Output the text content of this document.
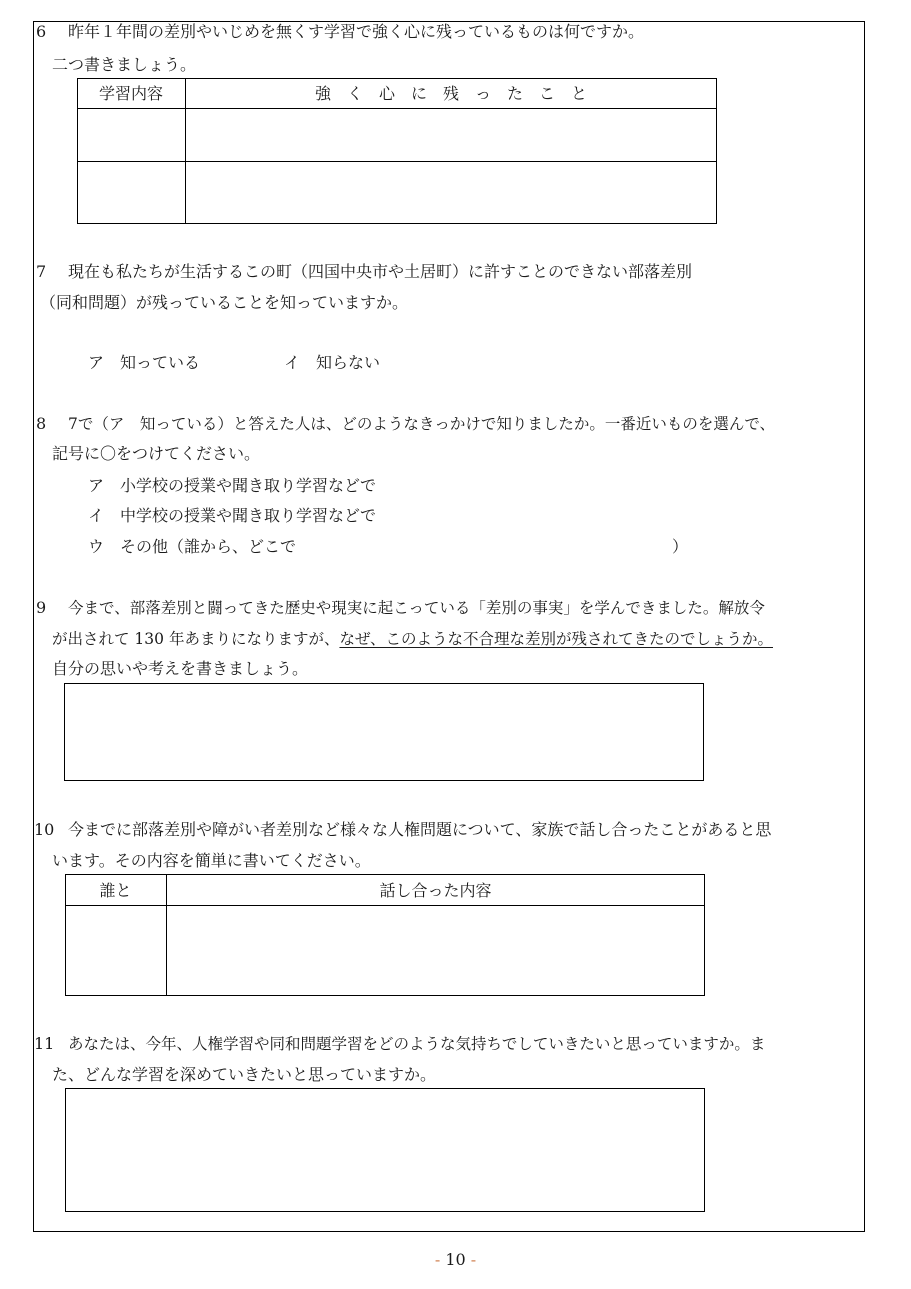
6 昨年１年間の差別やいじめを無くす学習で強く心に残っているものは何ですか。
二つ書きましょう。
学習内容	強　く　心　に　残　っ　た　こ　と
7 現在も私たちが生活するこの町（四国中央市や土居町）に許すことのできない部落差別
（同和問題）が残っていることを知っていますか。
ア　知っている	イ　知らない
8 7で（ア　知っている）と答えた人は、どのようなきっかけで知りましたか。一番近いものを選んで、
記号に〇をつけてください。
ア　小学校の授業や聞き取り学習などで
イ　中学校の授業や聞き取り学習などで
ウ　その他（誰から、どこで	）
9 今まで、部落差別と闘ってきた歴史や現実に起こっている「差別の事実」を学んできました。解放令
が出されて 130 年あまりになりますが、なぜ、このような不合理な差別が残されてきたのでしょうか。
自分の思いや考えを書きましょう。
10 今までに部落差別や障がい者差別など様々な人権問題について、家族で話し合ったことがあると思
います。その内容を簡単に書いてください。
誰と	話し合った内容
11 あなたは、今年、人権学習や同和問題学習をどのような気持ちでしていきたいと思っていますか。ま
た、どんな学習を深めていきたいと思っていますか。
- 10 -
